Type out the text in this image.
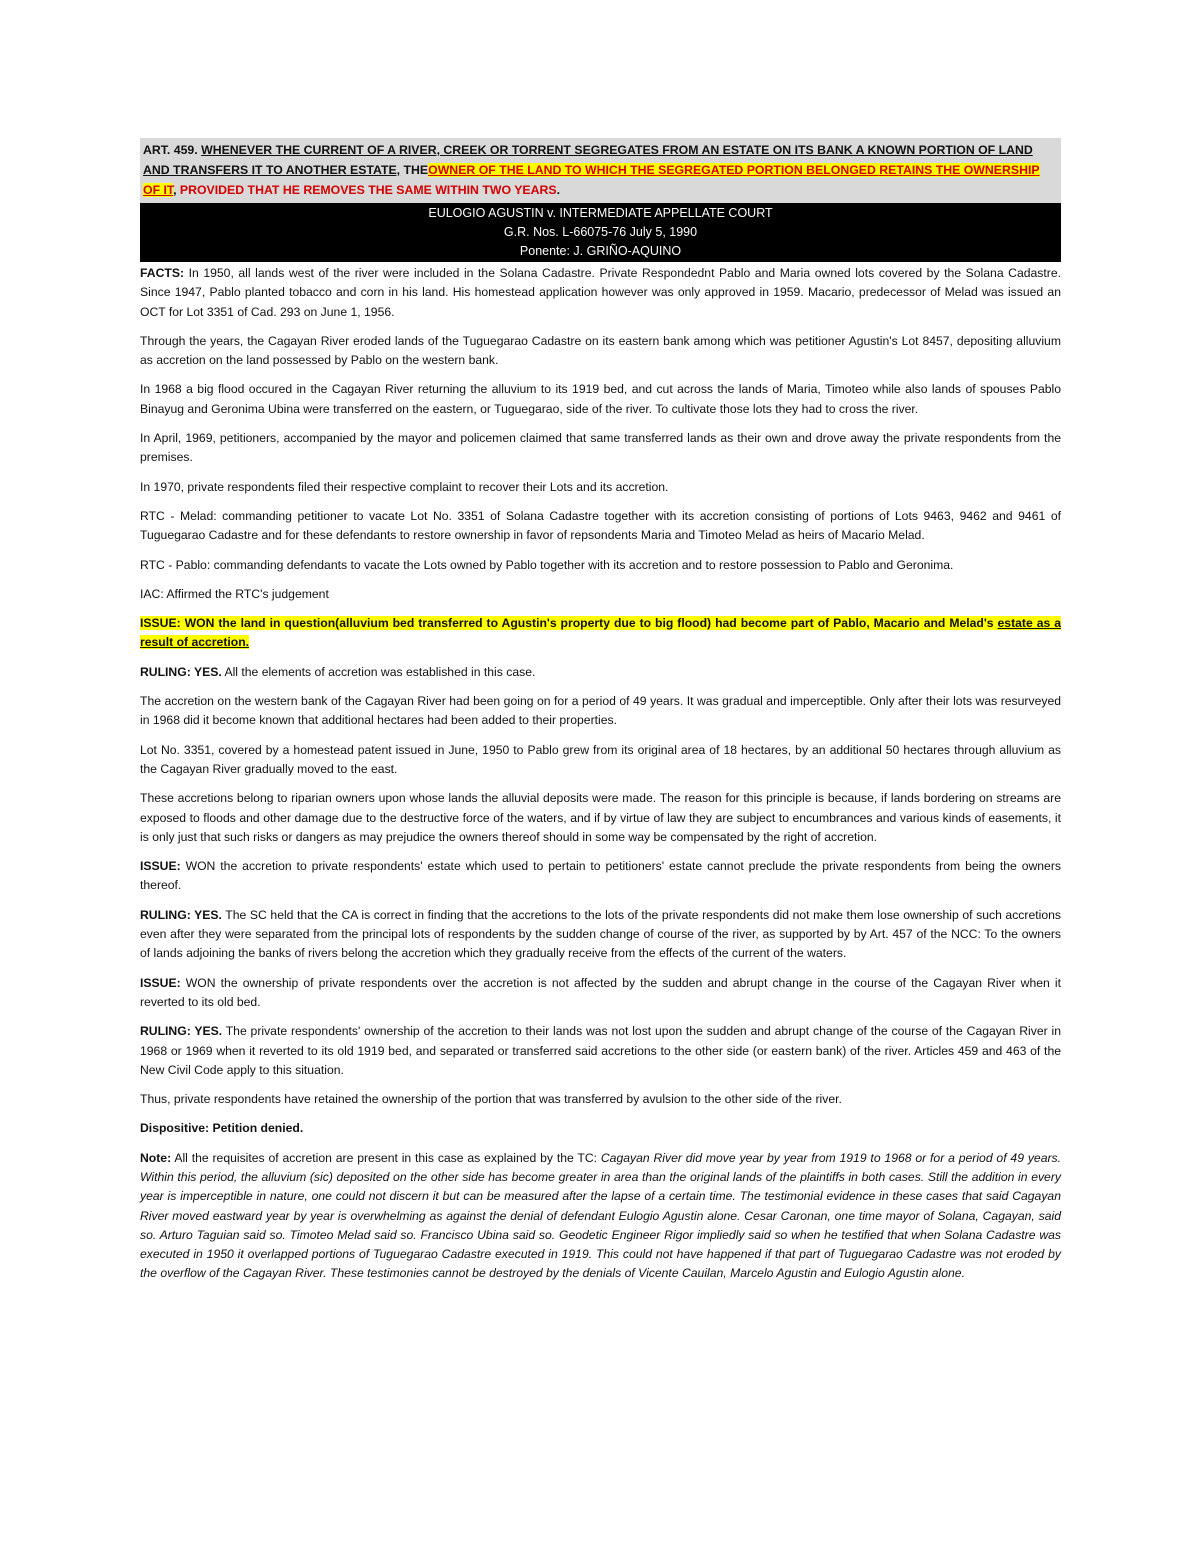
ART. 459. WHENEVER THE CURRENT OF A RIVER, CREEK OR TORRENT SEGREGATES FROM AN ESTATE ON ITS BANK A KNOWN PORTION OF LAND AND TRANSFERS IT TO ANOTHER ESTATE, THEOWNER OF THE LAND TO WHICH THE SEGREGATED PORTION BELONGED RETAINS THE OWNERSHIP OF IT, PROVIDED THAT HE REMOVES THE SAME WITHIN TWO YEARS.
EULOGIO AGUSTIN v. INTERMEDIATE APPELLATE COURT
G.R. Nos. L-66075-76 July 5, 1990
Ponente: J. GRIÑO-AQUINO

FACTS: In 1950, all lands west of the river were included in the Solana Cadastre. Private Respondednt Pablo and Maria owned lots covered by the Solana Cadastre. Since 1947, Pablo planted tobacco and corn in his land. His homestead application however was only approved in 1959. Macario, predecessor of Melad was issued an OCT for Lot 3351 of Cad. 293 on June 1, 1956.

Through the years, the Cagayan River eroded lands of the Tuguegarao Cadastre on its eastern bank among which was petitioner Agustin's Lot 8457, depositing alluvium as accretion on the land possessed by Pablo on the western bank.

In 1968 a big flood occured in the Cagayan River returning the alluvium to its 1919 bed, and cut across the lands of Maria, Timoteo while also lands of spouses Pablo Binayug and Geronima Ubina were transferred on the eastern, or Tuguegarao, side of the river. To cultivate those lots they had to cross the river.

In April, 1969, petitioners, accompanied by the mayor and policemen claimed that same transferred lands as their own and drove away the private respondents from the premises.

In 1970, private respondents filed their respective complaint to recover their Lots and its accretion.

RTC - Melad: commanding petitioner to vacate Lot No. 3351 of Solana Cadastre together with its accretion consisting of portions of Lots 9463, 9462 and 9461 of Tuguegarao Cadastre and for these defendants to restore ownership in favor of repsondents Maria and Timoteo Melad as heirs of Macario Melad.

RTC - Pablo: commanding defendants to vacate the Lots owned by Pablo together with its accretion and to restore possession to Pablo and Geronima.

IAC: Affirmed the RTC's judgement

ISSUE: WON the land in question(alluvium bed transferred to Agustin's property due to big flood) had become part of Pablo, Macario and Melad's estate as a result of accretion.

RULING: YES. All the elements of accretion was established in this case.

The accretion on the western bank of the Cagayan River had been going on for a period of 49 years. It was gradual and imperceptible. Only after their lots was resurveyed in 1968 did it become known that additional hectares had been added to their properties.

Lot No. 3351, covered by a homestead patent issued in June, 1950 to Pablo grew from its original area of 18 hectares, by an additional 50 hectares through alluvium as the Cagayan River gradually moved to the east.

These accretions belong to riparian owners upon whose lands the alluvial deposits were made. The reason for this principle is because, if lands bordering on streams are exposed to floods and other damage due to the destructive force of the waters, and if by virtue of law they are subject to encumbrances and various kinds of easements, it is only just that such risks or dangers as may prejudice the owners thereof should in some way be compensated by the right of accretion.

ISSUE: WON the accretion to private respondents' estate which used to pertain to petitioners' estate cannot preclude the private respondents from being the owners thereof.

RULING: YES. The SC held that the CA is correct in finding that the accretions to the lots of the private respondents did not make them lose ownership of such accretions even after they were separated from the principal lots of respondents by the sudden change of course of the river, as supported by by Art. 457 of the NCC: To the owners of lands adjoining the banks of rivers belong the accretion which they gradually receive from the effects of the current of the waters.

ISSUE: WON the ownership of private respondents over the accretion is not affected by the sudden and abrupt change in the course of the Cagayan River when it reverted to its old bed.

RULING: YES. The private respondents' ownership of the accretion to their lands was not lost upon the sudden and abrupt change of the course of the Cagayan River in 1968 or 1969 when it reverted to its old 1919 bed, and separated or transferred said accretions to the other side (or eastern bank) of the river. Articles 459 and 463 of the New Civil Code apply to this situation.

Thus, private respondents have retained the ownership of the portion that was transferred by avulsion to the other side of the river.

Dispositive: Petition denied.

Note: All the requisites of accretion are present in this case as explained by the TC: Cagayan River did move year by year from 1919 to 1968 or for a period of 49 years. Within this period, the alluvium (sic) deposited on the other side has become greater in area than the original lands of the plaintiffs in both cases. Still the addition in every year is imperceptible in nature, one could not discern it but can be measured after the lapse of a certain time. The testimonial evidence in these cases that said Cagayan River moved eastward year by year is overwhelming as against the denial of defendant Eulogio Agustin alone. Cesar Caronan, one time mayor of Solana, Cagayan, said so. Arturo Taguian said so. Timoteo Melad said so. Francisco Ubina said so. Geodetic Engineer Rigor impliedly said so when he testified that when Solana Cadastre was executed in 1950 it overlapped portions of Tuguegarao Cadastre executed in 1919. This could not have happened if that part of Tuguegarao Cadastre was not eroded by the overflow of the Cagayan River. These testimonies cannot be destroyed by the denials of Vicente Cauilan, Marcelo Agustin and Eulogio Agustin alone.
